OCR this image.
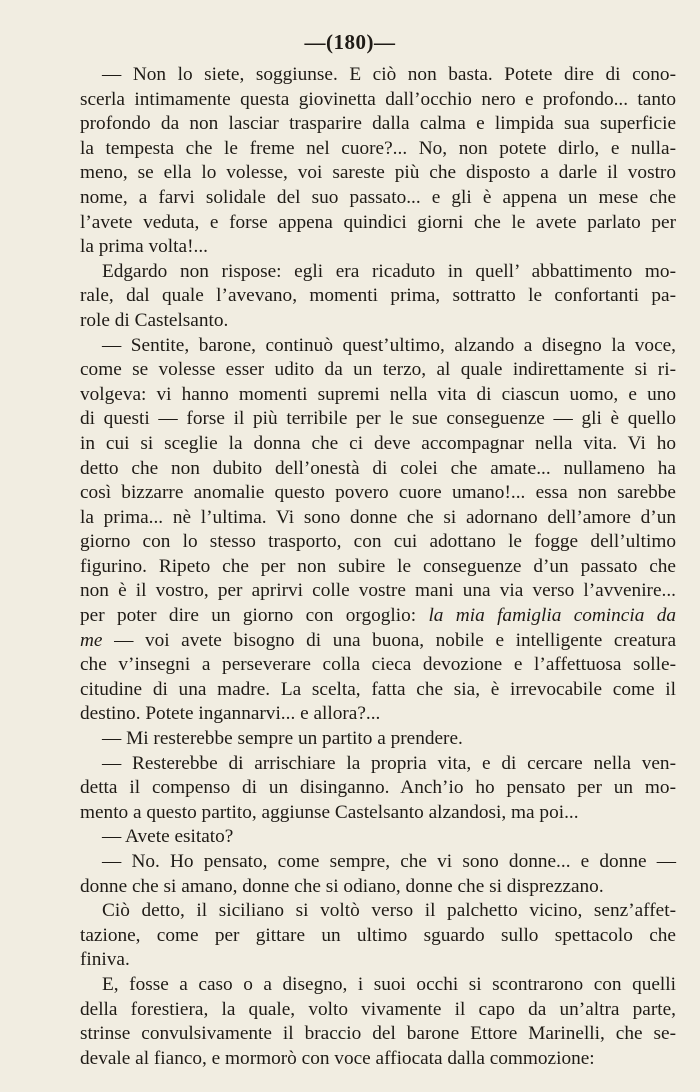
—(180)—
— Non lo siete, soggiunse. E ciò non basta. Potete dire di cono-
scerla intimamente questa giovinetta dall’occhio nero e profondo... tanto
profondo da non lasciar trasparire dalla calma e limpida sua superficie
la tempesta che le freme nel cuore?... No, non potete dirlo, e nulla-
meno, se ella lo volesse, voi sareste più che disposto a darle il vostro
nome, a farvi solidale del suo passato... e gli è appena un mese che
l’avete veduta, e forse appena quindici giorni che le avete parlato per
la prima volta!...
Edgardo non rispose: egli era ricaduto in quell’ abbattimento mo-
rale, dal quale l’avevano, momenti prima, sottratto le confortanti pa-
role di Castelsanto.
— Sentite, barone, continuò quest’ultimo, alzando a disegno la voce,
come se volesse esser udito da un terzo, al quale indirettamente si ri-
volgeva: vi hanno momenti supremi nella vita di ciascun uomo, e uno
di questi — forse il più terribile per le sue conseguenze — gli è quello
in cui si sceglie la donna che ci deve accompagnar nella vita. Vi ho
detto che non dubito dell’onestà di colei che amate... nullameno ha
così bizzarre anomalie questo povero cuore umano!... essa non sarebbe
la prima... nè l’ultima. Vi sono donne che si adornano dell’amore d’un
giorno con lo stesso trasporto, con cui adottano le fogge dell’ultimo
figurino. Ripeto che per non subire le conseguenze d’un passato che
non è il vostro, per aprirvi colle vostre mani una via verso l’avvenire...
per poter dire un giorno con orgoglio: la mia famiglia comincia da
me — voi avete bisogno di una buona, nobile e intelligente creatura
che v’insegni a perseverare colla cieca devozione e l’affettuosa solle-
citudine di una madre. La scelta, fatta che sia, è irrevocabile come il
destino. Potete ingannarvi... e allora?...
— Mi resterebbe sempre un partito a prendere.
— Resterebbe di arrischiare la propria vita, e di cercare nella ven-
detta il compenso di un disinganno. Anch’io ho pensato per un mo-
mento a questo partito, aggiunse Castelsanto alzandosi, ma poi...
— Avete esitato?
— No. Ho pensato, come sempre, che vi sono donne... e donne —
donne che si amano, donne che si odiano, donne che si disprezzano.
Ciò detto, il siciliano si voltò verso il palchetto vicino, senz’affet-
tazione, come per gittare un ultimo sguardo sullo spettacolo che
finiva.
E, fosse a caso o a disegno, i suoi occhi si scontrarono con quelli
della forestiera, la quale, volto vivamente il capo da un’altra parte,
strinse convulsivamente il braccio del barone Ettore Marinelli, che se-
devale al fianco, e mormorò con voce affiocata dalla commozione:
